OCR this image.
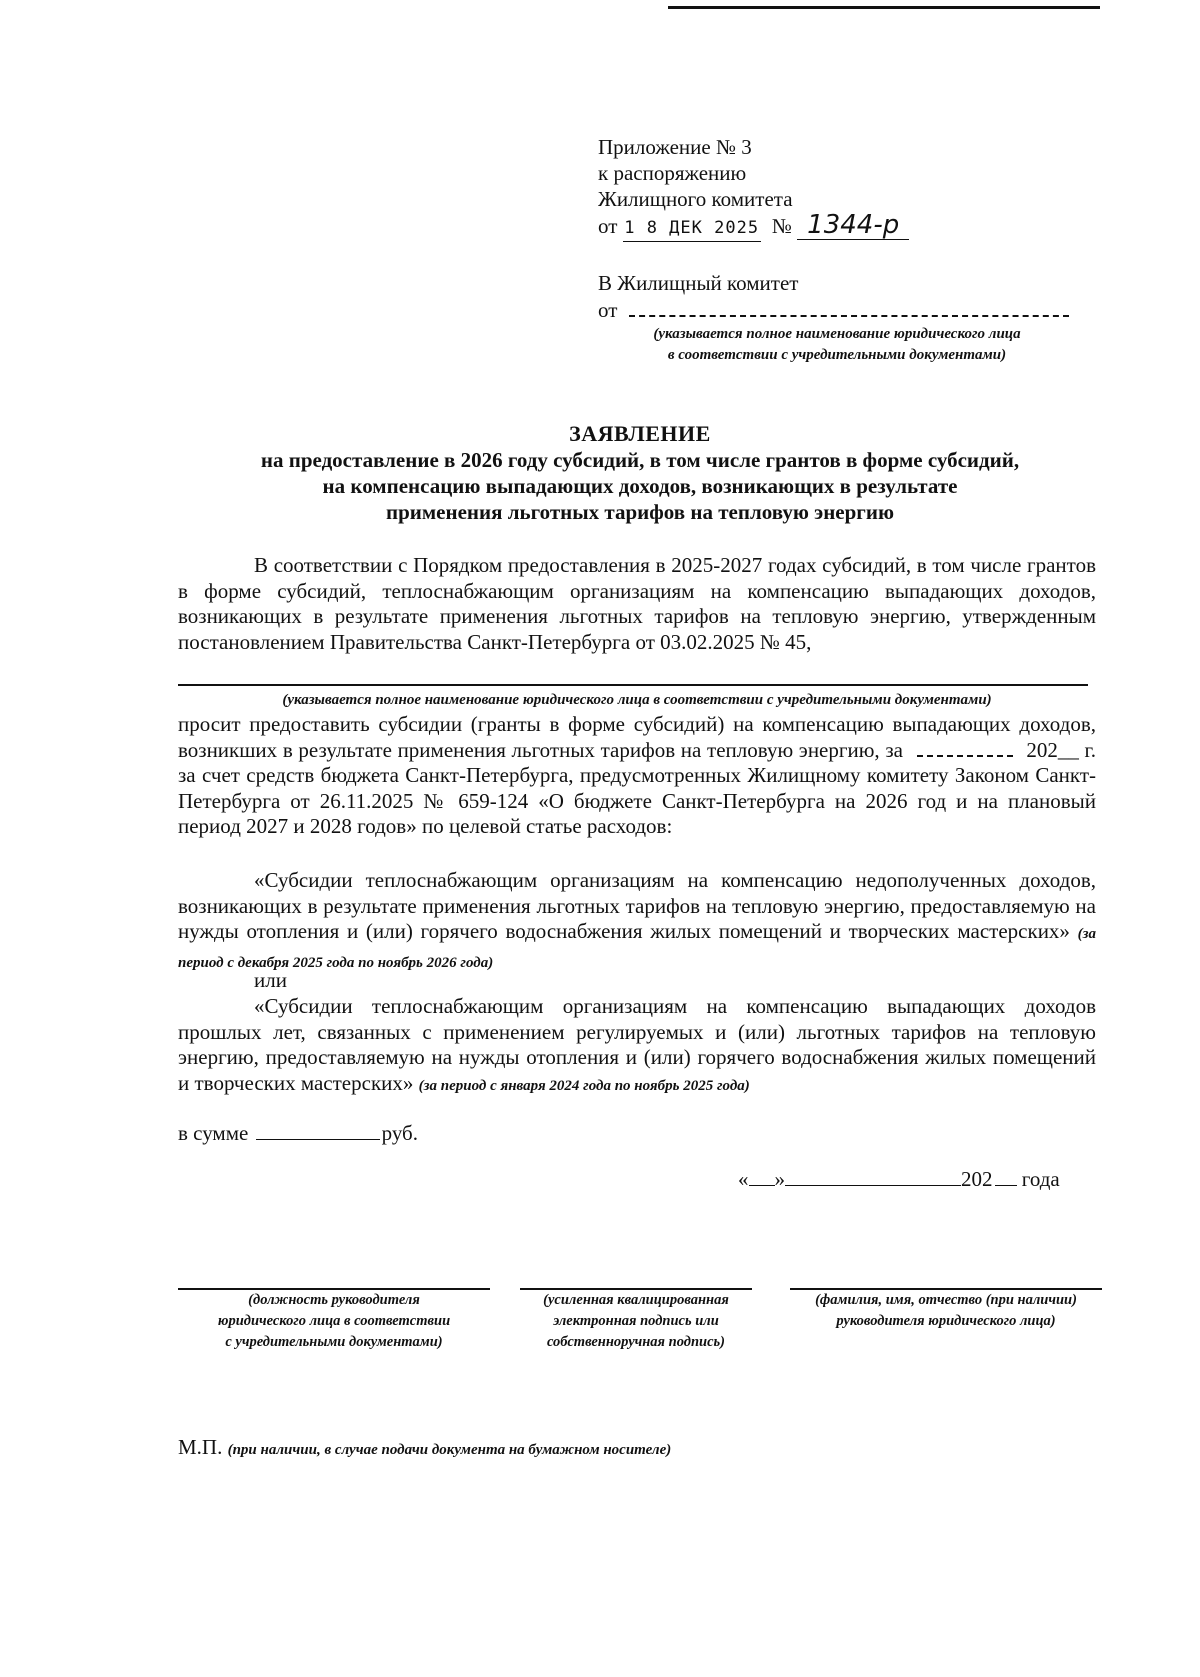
Приложение № 3
к распоряжению
Жилищного комитета
от 1 8 ДЕК 2025 № 1344-р
В Жилищный комитет
от
(указывается полное наименование юридического лица
в соответствии с учредительными документами)
ЗАЯВЛЕНИЕ
на предоставление в 2026 году субсидий, в том числе грантов в форме субсидий,
на компенсацию выпадающих доходов, возникающих в результате
применения льготных тарифов на тепловую энергию
В соответствии с Порядком предоставления в 2025-2027 годах субсидий, в том числе грантов в форме субсидий, теплоснабжающим организациям на компенсацию выпадающих доходов, возникающих в результате применения льготных тарифов на тепловую энергию, утвержденным постановлением Правительства Санкт-Петербурга от 03.02.2025 № 45,
(указывается полное наименование юридического лица в соответствии с учредительными документами)
просит предоставить субсидии (гранты в форме субсидий) на компенсацию выпадающих доходов, возникших в результате применения льготных тарифов на тепловую энергию, за	202__ г. за счет средств бюджета Санкт-Петербурга, предусмотренных Жилищному комитету Законом Санкт-Петербурга от 26.11.2025 № 659-124 «О бюджете Санкт-Петербурга на 2026 год и на плановый период 2027 и 2028 годов» по целевой статье расходов:
«Субсидии теплоснабжающим организациям на компенсацию недополученных доходов, возникающих в результате применения льготных тарифов на тепловую энергию, предоставляемую на нужды отопления и (или) горячего водоснабжения жилых помещений и творческих мастерских» (за период с декабря 2025 года по ноябрь 2026 года)
или
«Субсидии теплоснабжающим организациям на компенсацию выпадающих доходов прошлых лет, связанных с применением регулируемых и (или) льготных тарифов на тепловую энергию, предоставляемую на нужды отопления и (или) горячего водоснабжения жилых помещений и творческих мастерских» (за период с января 2024 года по ноябрь 2025 года)
в сумме	руб.
« »	202 года
(должность руководителя
юридического лица в соответствии
с учредительными документами)
(усиленная квалицированная
электронная подпись или
собственноручная подпись)
(фамилия, имя, отчество (при наличии)
руководителя юридического лица)
М.П. (при наличии, в случае подачи документа на бумажном носителе)
